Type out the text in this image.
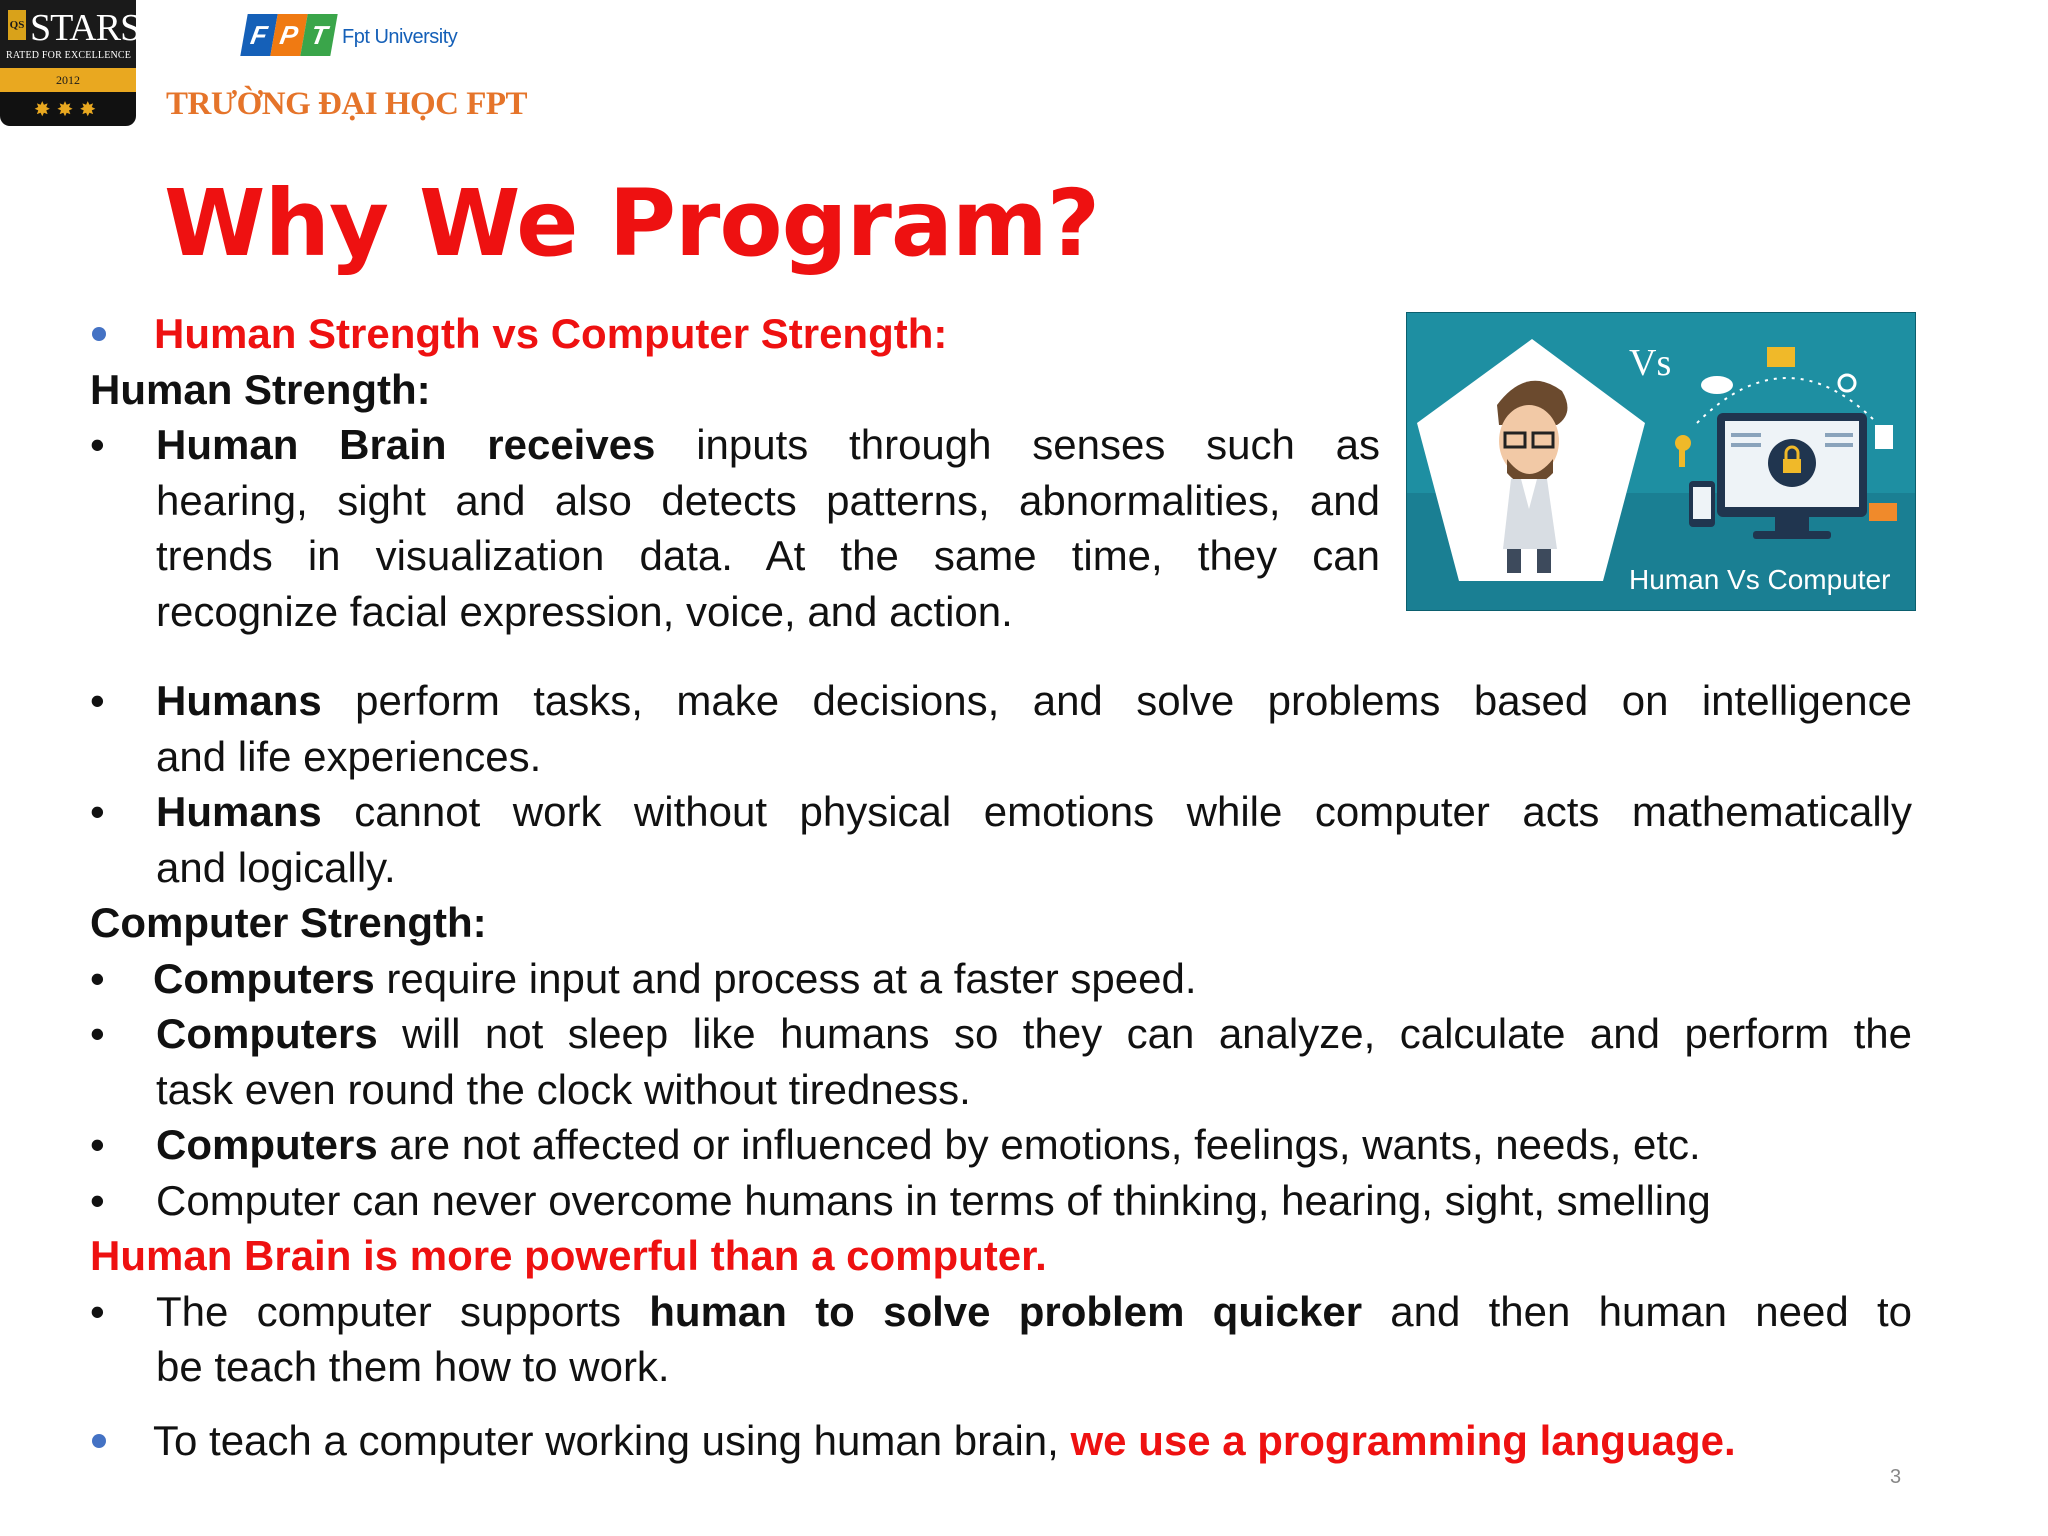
QS STARS
RATED FOR EXCELLENCE
2012
✸✸✸
F P T Fpt University
TRƯỜNG ĐẠI HỌC FPT
Why We Program?
Human Strength vs Computer Strength:
Human Strength:
• Human Brain receives inputs through senses such as
hearing, sight and also detects patterns, abnormalities, and
trends in visualization data. At the same time, they can
recognize facial expression, voice, and action.
• Humans perform tasks, make decisions, and solve problems based on intelligence
and life experiences.
• Humans cannot work without physical emotions while computer acts mathematically
and logically.
Computer Strength:
• Computers require input and process at a faster speed.
• Computers will not sleep like humans so they can analyze, calculate and perform the
task even round the clock without tiredness.
• Computers are not affected or influenced by emotions, feelings, wants, needs, etc.
• Computer can never overcome humans in terms of thinking, hearing, sight, smelling
Human Brain is more powerful than a computer.
• The computer supports human to solve problem quicker and then human need to
be teach them how to work.
To teach a computer working using human brain, we use a programming language.
Vs
Human Vs Computer
3
